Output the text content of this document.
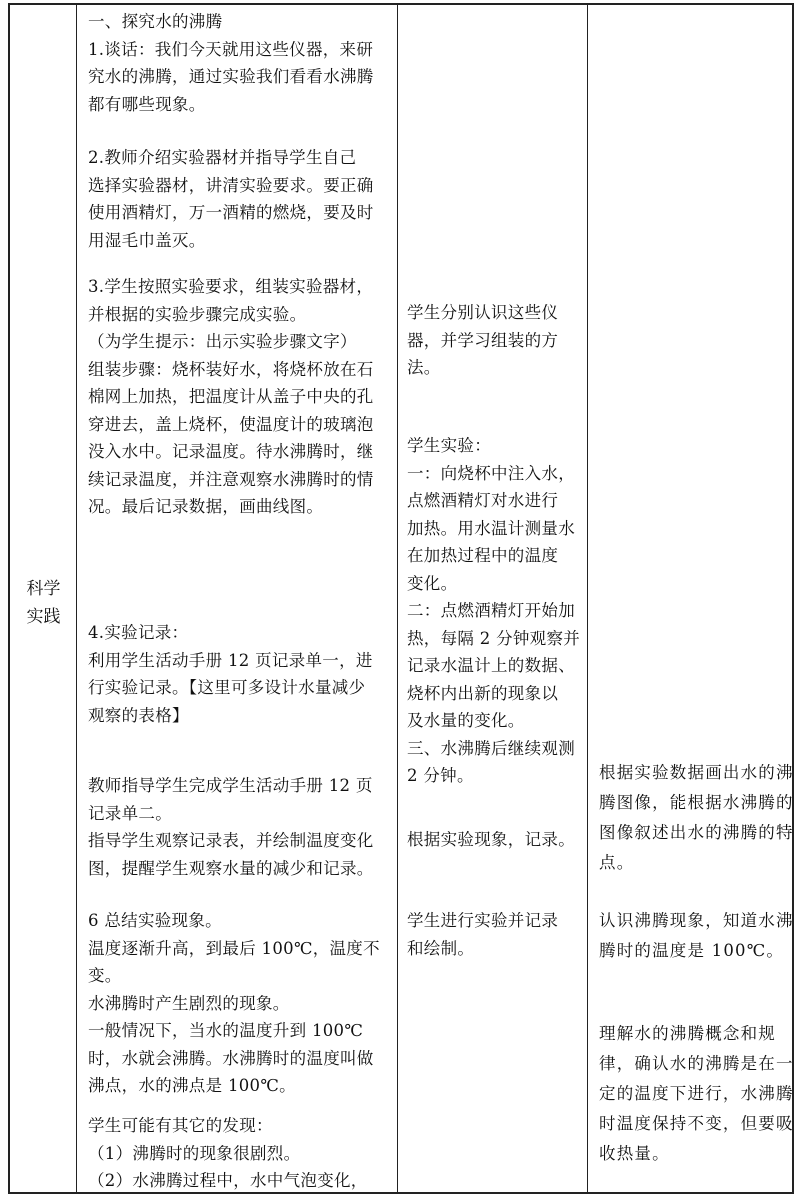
科学
实践
一、探究水的沸腾
1.谈话：我们今天就用这些仪器，来研
究水的沸腾，通过实验我们看看水沸腾
都有哪些现象。
2.教师介绍实验器材并指导学生自己
选择实验器材，讲清实验要求。要正确
使用酒精灯，万一酒精的燃烧，要及时
用湿毛巾盖灭。
3.学生按照实验要求，组装实验器材，
并根据的实验步骤完成实验。
（为学生提示：出示实验步骤文字）
组装步骤：烧杯装好水，将烧杯放在石
棉网上加热，把温度计从盖子中央的孔
穿进去，盖上烧杯，使温度计的玻璃泡
没入水中。记录温度。待水沸腾时，继
续记录温度，并注意观察水沸腾时的情
况。最后记录数据，画曲线图。
4.实验记录：
利用学生活动手册 12 页记录单一，进
行实验记录。【这里可多设计水量减少
观察的表格】
教师指导学生完成学生活动手册 12 页
记录单二。
指导学生观察记录表，并绘制温度变化
图，提醒学生观察水量的减少和记录。
6 总结实验现象。
温度逐渐升高，到最后 100℃，温度不
变。
水沸腾时产生剧烈的现象。
一般情况下，当水的温度升到 100℃
时，水就会沸腾。水沸腾时的温度叫做
沸点，水的沸点是 100℃。
学生可能有其它的发现：
（1）沸腾时的现象很剧烈。
（2）水沸腾过程中，水中气泡变化，
学生分别认识这些仪
器，并学习组装的方
法。
学生实验：
一：向烧杯中注入水，
点燃酒精灯对水进行
加热。用水温计测量水
在加热过程中的温度
变化。
二：点燃酒精灯开始加
热，每隔 2 分钟观察并
记录水温计上的数据、
烧杯内出新的现象以
及水量的变化。
三、水沸腾后继续观测
2 分钟。
根据实验现象，记录。
学生进行实验并记录
和绘制。
根据实验数据画出水的沸
腾图像，能根据水沸腾的
图像叙述出水的沸腾的特
点。
认识沸腾现象，知道水沸
腾时的温度是 100℃。
理解水的沸腾概念和规
律，确认水的沸腾是在一
定的温度下进行，水沸腾
时温度保持不变，但要吸
收热量。
